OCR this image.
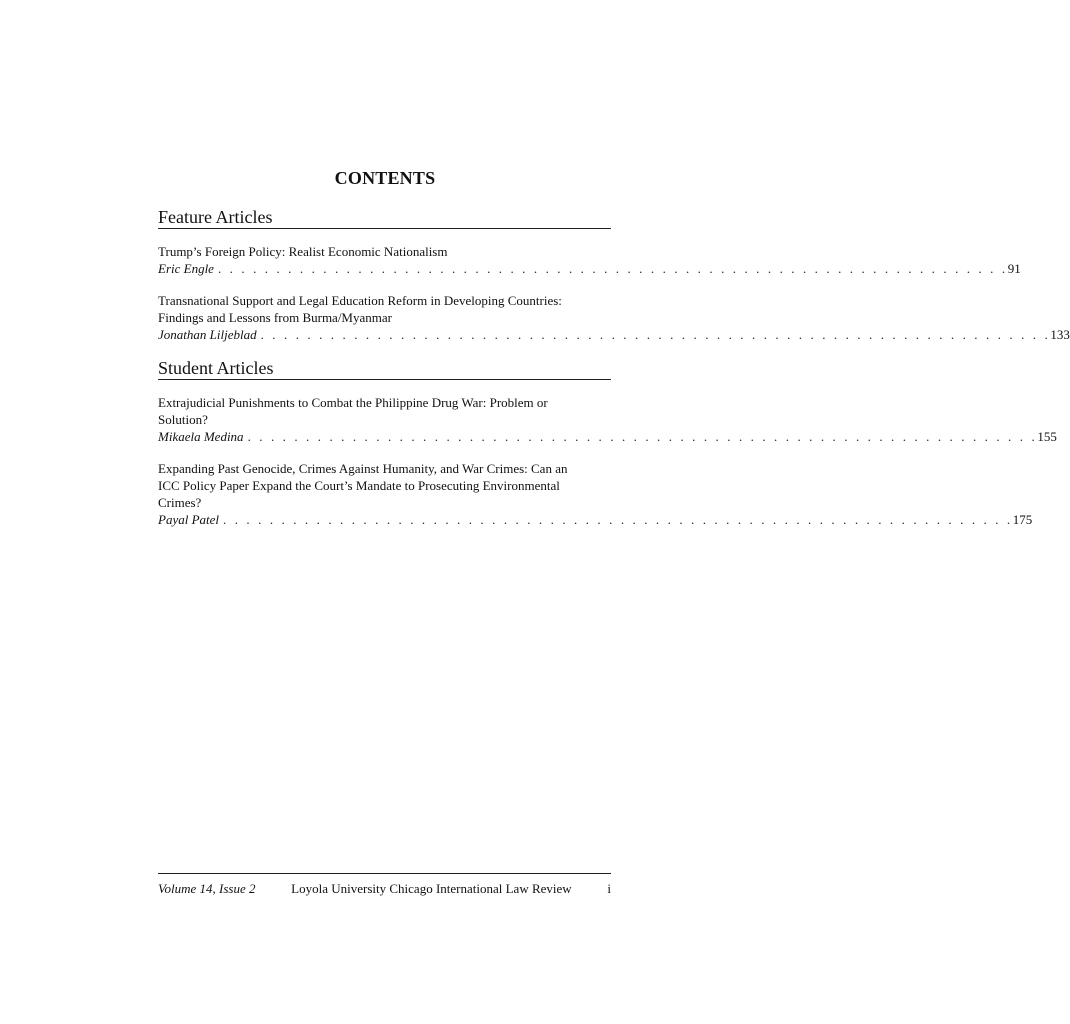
CONTENTS
Feature Articles
Trump’s Foreign Policy: Realist Economic Nationalism
Eric Engle . . . . . . . . . . . . . . . . . . . . . . . . . . . . . . . . . . . . . . . . . . . . . . . . . . . . . . . . . . . . . . . . . . . . 91
Transnational Support and Legal Education Reform in Developing Countries: Findings and Lessons from Burma/Myanmar
Jonathan Liljeblad . . . . . . . . . . . . . . . . . . . . . . . . . . . . . . . . . . . . . . . . . . . . . . . . . . . . . . . . . . . . . . . . . . . . 133
Student Articles
Extrajudicial Punishments to Combat the Philippine Drug War: Problem or Solution?
Mikaela Medina . . . . . . . . . . . . . . . . . . . . . . . . . . . . . . . . . . . . . . . . . . . . . . . . . . . . . . . . . . . . . . . . . . . . 155
Expanding Past Genocide, Crimes Against Humanity, and War Crimes: Can an ICC Policy Paper Expand the Court’s Mandate to Prosecuting Environmental Crimes?
Payal Patel . . . . . . . . . . . . . . . . . . . . . . . . . . . . . . . . . . . . . . . . . . . . . . . . . . . . . . . . . . . . . . . . . . . . 175
Volume 14, Issue 2	Loyola University Chicago International Law Review	i
